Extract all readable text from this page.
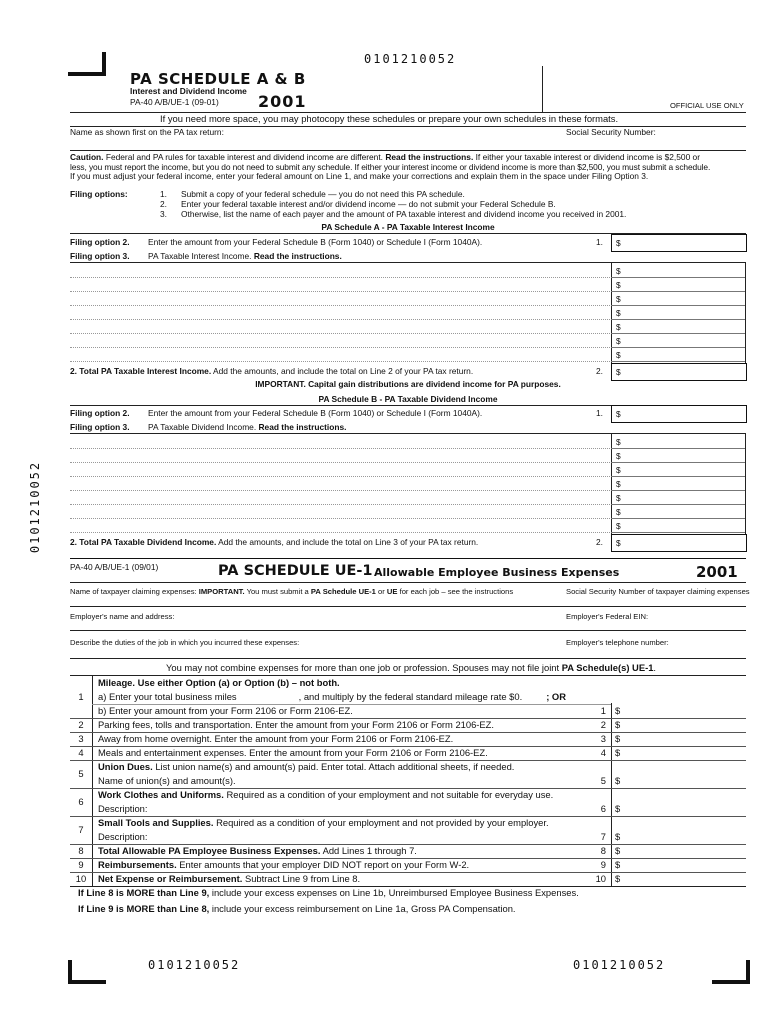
0101210052
0101210052
0101210052	0101210052
PA SCHEDULE A & B
Interest and Dividend Income
PA-40 A/B/UE-1 (09-01) 2001	OFFICIAL USE ONLY
If you need more space, you may photocopy these schedules or prepare your own schedules in these formats.
Name as shown first on the PA tax return:	Social Security Number:
Caution. Federal and PA rules for taxable interest and dividend income are different. Read the instructions. If either your taxable interest or dividend income is $2,500 or
less, you must report the income, but you do not need to submit any schedule. If either your interest income or dividend income is more than $2,500, you must submit a schedule.
If you must adjust your federal income, enter your federal amount on Line 1, and make your corrections and explain them in the space under Filing Option 3.
Filing options:	1. Submit a copy of your federal schedule — you do not need this PA schedule.
2. Enter your federal taxable interest and/or dividend income — do not submit your Federal Schedule B.
3. Otherwise, list the name of each payer and the amount of PA taxable interest and dividend income you received in 2001.
PA Schedule A - PA Taxable Interest Income
Filing option 2. Enter the amount from your Federal Schedule B (Form 1040) or Schedule I (Form 1040A).	1. $
Filing option 3. PA Taxable Interest Income. Read the instructions.
$
$
$
$
$
$
$
2. Total PA Taxable Interest Income. Add the amounts, and include the total on Line 2 of your PA tax return.	2. $
IMPORTANT. Capital gain distributions are dividend income for PA purposes.
PA Schedule B - PA Taxable Dividend Income
Filing option 2. Enter the amount from your Federal Schedule B (Form 1040) or Schedule I (Form 1040A).	1. $
Filing option 3. PA Taxable Dividend Income. Read the instructions.
$
$
$
$
$
$
$
2. Total PA Taxable Dividend Income. Add the amounts, and include the total on Line 3 of your PA tax return.	2. $
PA-40 A/B/UE-1 (09/01)	PA SCHEDULE UE-1 Allowable Employee Business Expenses	2001
Name of taxpayer claiming expenses: IMPORTANT. You must submit a PA Schedule UE-1 or UE for each job – see the instructions	Social Security Number of taxpayer claiming expenses
Employer's name and address:	Employer's Federal EIN:
Describe the duties of the job in which you incurred these expenses:	Employer's telephone number:
You may not combine expenses for more than one job or profession. Spouses may not file joint PA Schedule(s) UE-1.
1
Mileage. Use either Option (a) or Option (b) – not both.
a) Enter your total business miles	, and multiply by the federal standard mileage rate $0.	; OR
b) Enter your amount from your Form 2106 or Form 2106-EZ.	1 $
2	Parking fees, tolls and transportation. Enter the amount from your Form 2106 or Form 2106-EZ.	2 $
3	Away from home overnight. Enter the amount from your Form 2106 or Form 2106-EZ.	3 $
4	Meals and entertainment expenses. Enter the amount from your Form 2106 or Form 2106-EZ.	4 $
5
Union Dues. List union name(s) and amount(s) paid. Enter total. Attach additional sheets, if needed.
Name of union(s) and amount(s).	5 $
6
Work Clothes and Uniforms. Required as a condition of your employment and not suitable for everyday use.
Description:	6 $
7
Small Tools and Supplies. Required as a condition of your employment and not provided by your employer.
Description:	7 $
8	Total Allowable PA Employee Business Expenses. Add Lines 1 through 7.	8 $
9	Reimbursements. Enter amounts that your employer DID NOT report on your Form W-2.	9 $
10	Net Expense or Reimbursement. Subtract Line 9 from Line 8.	10 $
If Line 8 is MORE than Line 9, include your excess expenses on Line 1b, Unreimbursed Employee Business Expenses.
If Line 9 is MORE than Line 8, include your excess reimbursement on Line 1a, Gross PA Compensation.
